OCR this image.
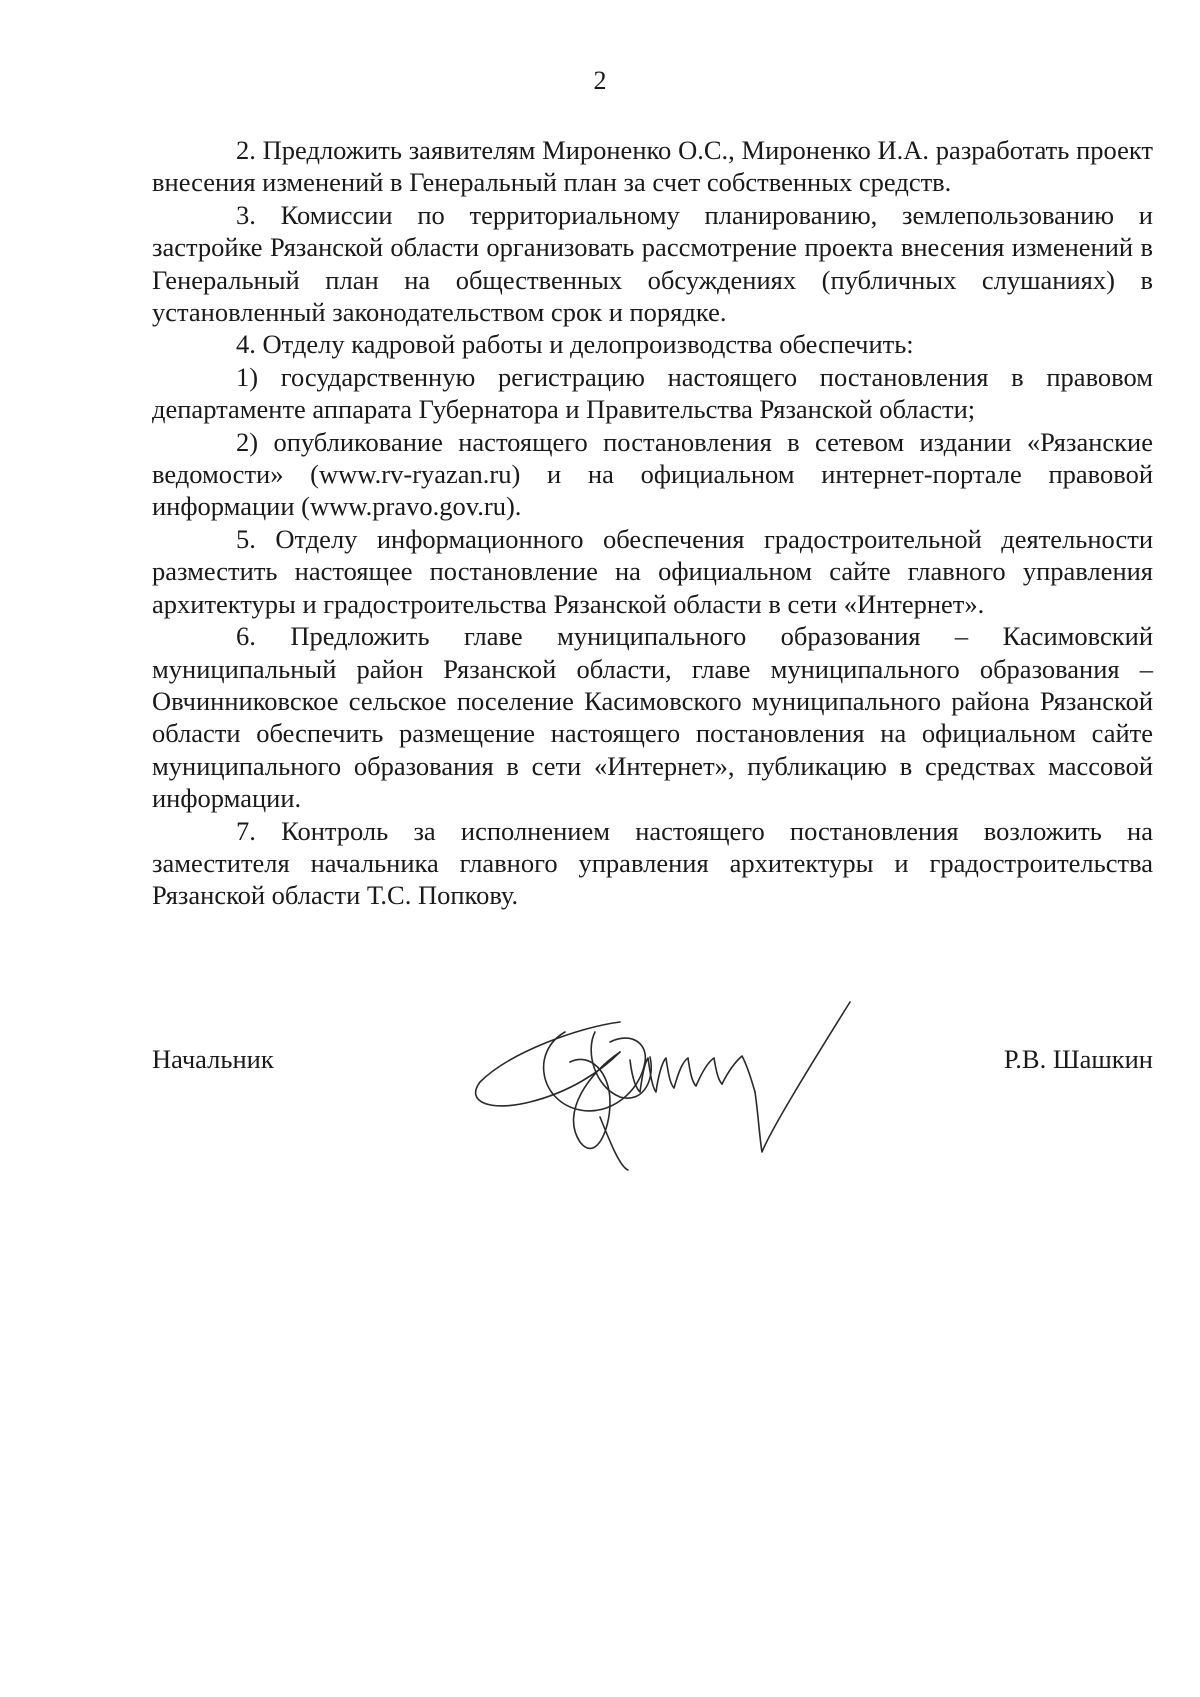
2

2. Предложить заявителям Мироненко О.С., Мироненко И.А. разработать проект внесения изменений в Генеральный план за счет собственных средств.

3. Комиссии по территориальному планированию, землепользованию и застройке Рязанской области организовать рассмотрение проекта внесения изменений в Генеральный план на общественных обсуждениях (публичных слушаниях) в установленный законодательством срок и порядке.

4. Отделу кадровой работы и делопроизводства обеспечить:

1) государственную регистрацию настоящего постановления в правовом департаменте аппарата Губернатора и Правительства Рязанской области;

2) опубликование настоящего постановления в сетевом издании «Рязанские ведомости» (www.rv-ryazan.ru) и на официальном интернет-портале правовой информации (www.pravo.gov.ru).

5. Отделу информационного обеспечения градостроительной деятельности разместить настоящее постановление на официальном сайте главного управления архитектуры и градостроительства Рязанской области в сети «Интернет».

6. Предложить главе муниципального образования – Касимовский муниципальный район Рязанской области, главе муниципального образования – Овчинниковское сельское поселение Касимовского муниципального района Рязанской области обеспечить размещение настоящего постановления на официальном сайте муниципального образования в сети «Интернет», публикацию в средствах массовой информации.

7. Контроль за исполнением настоящего постановления возложить на заместителя начальника главного управления архитектуры и градостроительства Рязанской области Т.С. Попкову.

Начальник	Р.В. Шашкин
